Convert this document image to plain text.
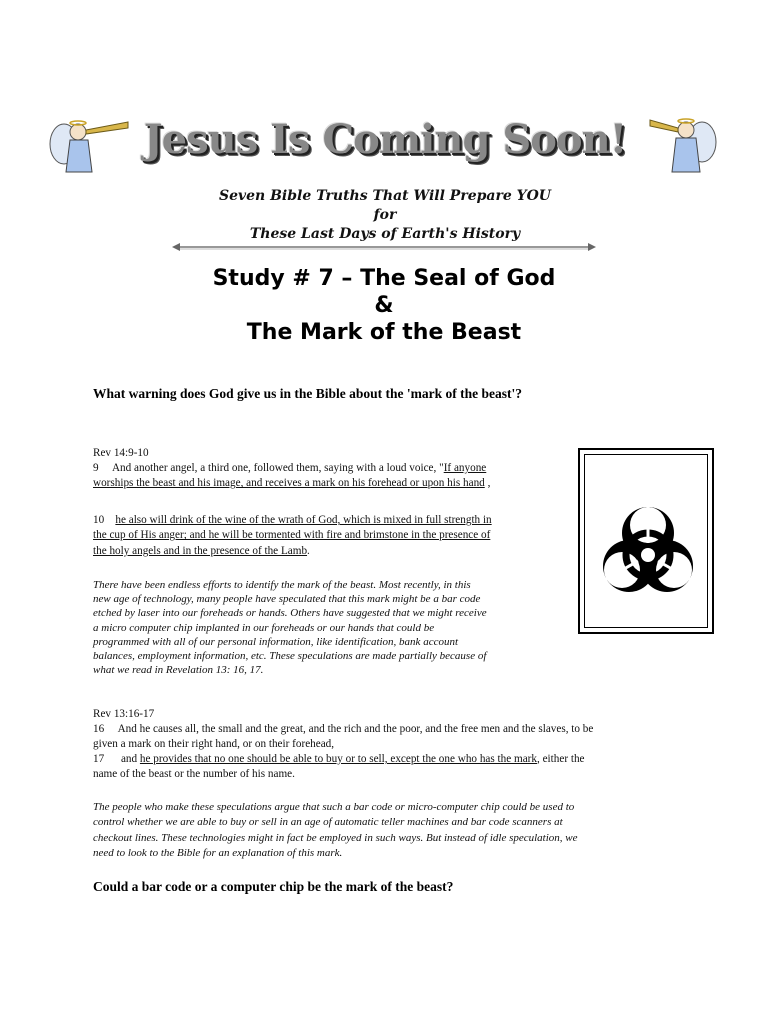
Jesus Is Coming Soon!
Seven Bible Truths That Will Prepare YOU
for
These Last Days of Earth's History
Study # 7 – The Seal of God
&
The Mark of the Beast
What warning does God give us in the Bible about the 'mark of the beast'?
Rev 14:9-10
9 And another angel, a third one, followed them, saying with a loud voice, "If anyone
worships the beast and his image, and receives a mark on his forehead or upon his hand ,
10 he also will drink of the wine of the wrath of God, which is mixed in full strength in
the cup of His anger; and he will be tormented with fire and brimstone in the presence of
the holy angels and in the presence of the Lamb.
There have been endless efforts to identify the mark of the beast. Most recently, in this
new age of technology, many people have speculated that this mark might be a bar code
etched by laser into our foreheads or hands. Others have suggested that we might receive
a micro computer chip implanted in our foreheads or our hands that could be
programmed with all of our personal information, like identification, bank account
balances, employment information, etc. These speculations are made partially because of
what we read in Revelation 13: 16, 17.
Rev 13:16-17
16 And he causes all, the small and the great, and the rich and the poor, and the free men and the slaves, to be
given a mark on their right hand, or on their forehead,
17 and he provides that no one should be able to buy or to sell, except the one who has the mark, either the
name of the beast or the number of his name.
The people who make these speculations argue that such a bar code or micro-computer chip could be used to
control whether we are able to buy or sell in an age of automatic teller machines and bar code scanners at
checkout lines. These technologies might in fact be employed in such ways. But instead of idle speculation, we
need to look to the Bible for an explanation of this mark.
Could a bar code or a computer chip be the mark of the beast?
